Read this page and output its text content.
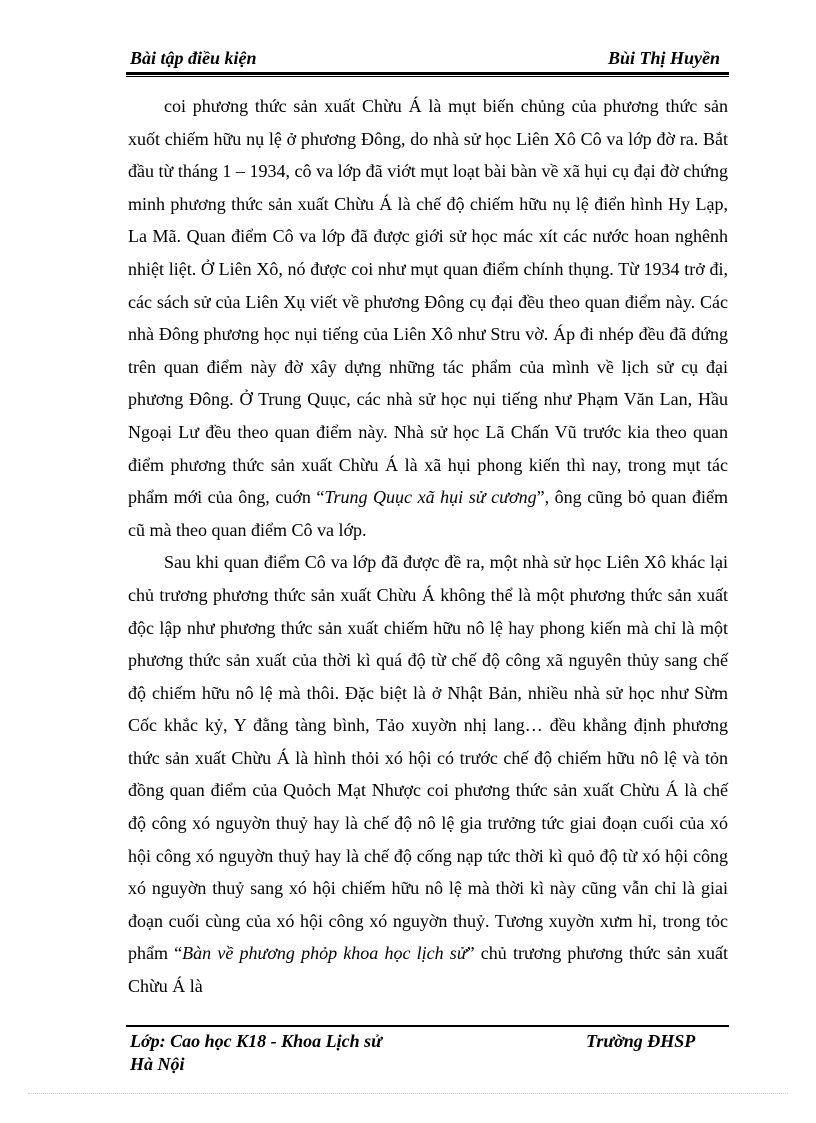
Bài tập điều kiện	Bùi Thị Huyền

coi phương thức sản xuất Chừu Á là mụt biến chủng của phương thức sản xuốt chiếm hữu nụ lệ ở phương Đông, do nhà sử học Liên Xô Cô va lớp đờ ra. Bắt đầu từ tháng 1 – 1934, cô va lớp đã viớt mụt loạt bài bàn về xã hụi cụ đại đờ chứng minh phương thức sản xuất Chừu Á là chế độ chiếm hữu nụ lệ điển hình Hy Lạp, La Mã. Quan điểm Cô va lớp đã được giới sử học mác xít các nước hoan nghênh nhiệt liệt. Ở Liên Xô, nó được coi như mụt quan điểm chính thụng. Từ 1934 trở đi, các sách sử của Liên Xụ viết về phương Đông cụ đại đều theo quan điểm này. Các nhà Đông phương học nụi tiếng của Liên Xô như Stru vờ. Áp đi nhép đều đã đứng trên quan điểm này đờ xây dựng những tác phẩm của mình về lịch sử cụ đại phương Đông. Ở Trung Quục, các nhà sử học nụi tiếng như Phạm Văn Lan, Hầu Ngoại Lư đều theo quan điểm này. Nhà sử học Lã Chấn Vũ trước kia theo quan điểm phương thức sản xuất Chừu Á là xã hụi phong kiến thì nay, trong mụt tác phẩm mới của ông, cuớn “Trung Quục xã hụi sử cương”, ông cũng bỏ quan điểm cũ mà theo quan điểm Cô va lớp.

Sau khi quan điểm Cô va lớp đã được đề ra, một nhà sử học Liên Xô khác lại chủ trương phương thức sản xuất Chừu Á không thể là một phương thức sản xuất độc lập như phương thức sản xuất chiếm hữu nô lệ hay phong kiến mà chỉ là một phương thức sản xuất của thời kì quá độ từ chế độ công xã nguyên thủy sang chế độ chiếm hữu nô lệ mà thôi. Đặc biệt là ở Nhật Bản, nhiều nhà sử học như Sừm Cốc khắc kỷ, Y đằng tàng bình, Tảo xuyờn nhị lang… đều khẳng định phương thức sản xuất Chừu Á là hình thỏi xó hội có trước chế độ chiếm hữu nô lệ và tỏn đồng quan điểm của Quỏch Mạt Nhược coi phương thức sản xuất Chừu Á là chế độ công xó nguyờn thuỷ hay là chế độ nô lệ gia trưởng tức giai đoạn cuối của xó hội công xó nguyờn thuỷ hay là chế độ cống nạp tức thời kì quỏ độ từ xó hội công xó nguyờn thuỷ sang xó hội chiếm hữu nô lệ mà thời kì này cũng vẫn chỉ là giai đoạn cuối cùng của xó hội công xó nguyờn thuỷ. Tương xuyờn xưm hỉ, trong tỏc phẩm “Bàn về phương phỏp khoa học lịch sử” chủ trương phương thức sản xuất Chừu Á là

Lớp: Cao học K18 - Khoa Lịch sử	Trường ĐHSP
Hà Nội
